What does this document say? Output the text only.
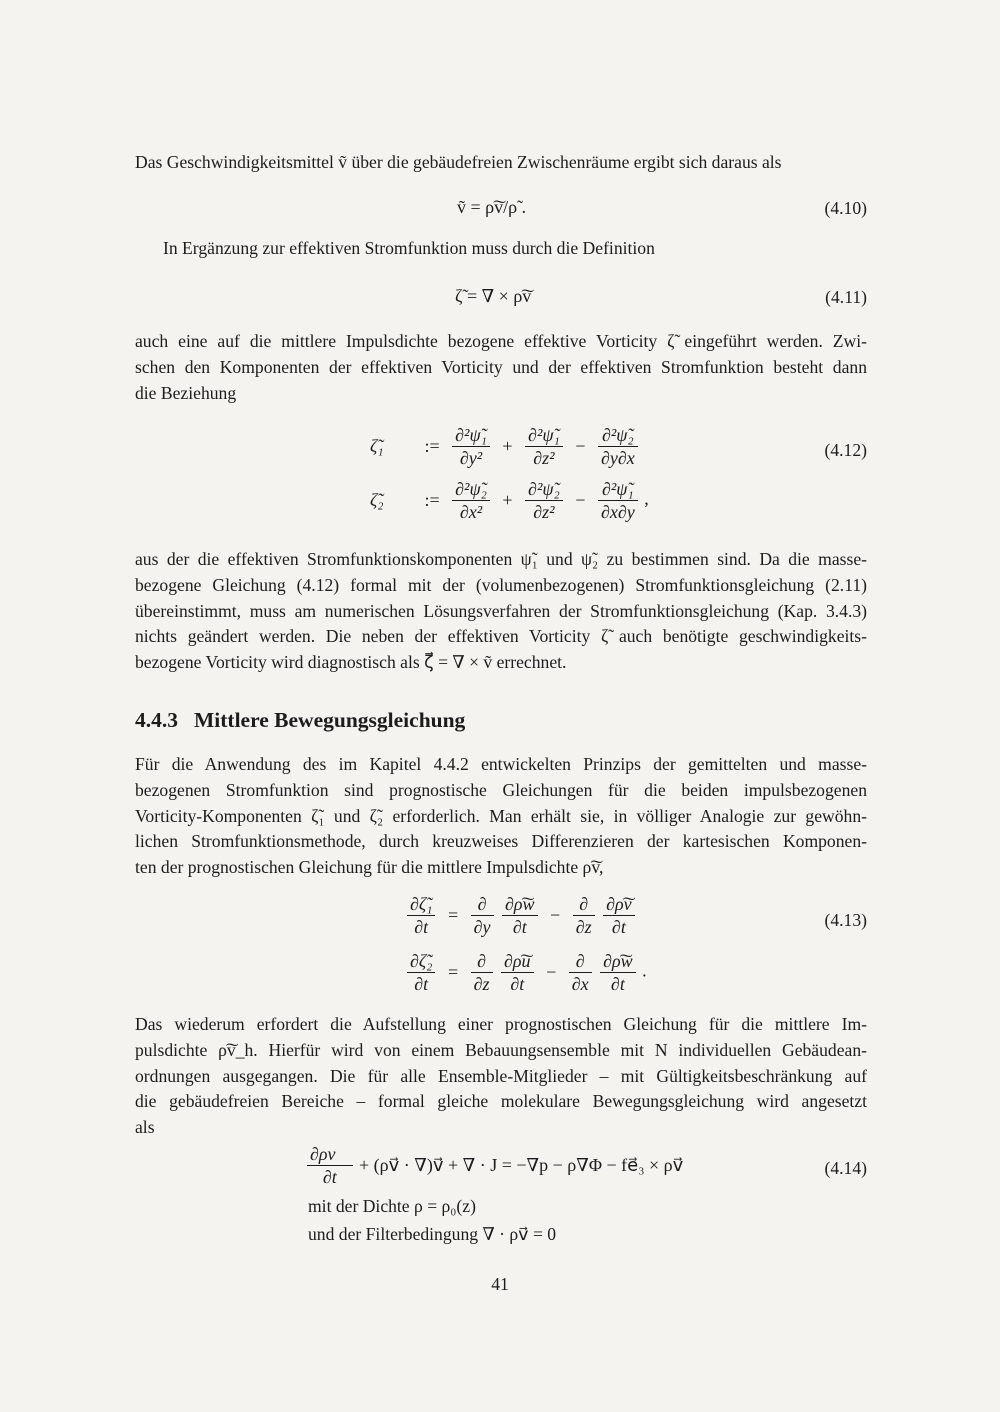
Das Geschwindigkeitsmittel ṽ über die gebäudefreien Zwischenräume ergibt sich daraus als
ṽ = ρ͠v/ρ̃ .	(4.10)
In Ergänzung zur effektiven Stromfunktion muss durch die Definition
ζ̃ = ∇ × ρ͠v	(4.11)
auch eine auf die mittlere Impulsdichte bezogene effektive Vorticity ζ̃ eingeführt werden. Zwi-
schen den Komponenten der effektiven Vorticity und der effektiven Stromfunktion besteht dann
die Beziehung
ζ̃₁ := $\frac{\text{∂²ψ̃₁}}{\text{∂y²}} + \frac{\text{∂²ψ̃₁}}{\text{∂z²}} - \frac{\text{∂²ψ̃₂}}{\partial y\partial x}$	(4.12)
ζ̃₂ := $\frac{\text{∂²ψ̃₂}}{\text{∂x²}} + \frac{\text{∂²ψ̃₂}}{\text{∂z²}} - \frac{\text{∂²ψ̃₁}}{\partial x\partial y}$ ,
aus der die effektiven Stromfunktionskomponenten ψ̃₁ und ψ̃₂ zu bestimmen sind. Da die masse-
bezogene Gleichung (4.12) formal mit der (volumenbezogenen) Stromfunktionsgleichung (2.11)
übereinstimmt, muss am numerischen Lösungsverfahren der Stromfunktionsgleichung (Kap. 3.4.3)
nichts geändert werden. Die neben der effektiven Vorticity ζ̃ auch benötigte geschwindigkeits-
bezogene Vorticity wird diagnostisch als ζ⃗ = ∇ × ṽ errechnet.
4.4.3 Mittlere Bewegungsgleichung
Für die Anwendung des im Kapitel 4.4.2 entwickelten Prinzips der gemittelten und masse-
bezogenen Stromfunktion sind prognostische Gleichungen für die beiden impulsbezogenen
Vorticity-Komponenten ζ̃₁ und ζ̃₂ erforderlich. Man erhält sie, in völliger Analogie zur gewöhn-
lichen Stromfunktionsmethode, durch kreuzweises Differenzieren der kartesischen Komponen-
ten der prognostischen Gleichung für die mittlere Impulsdichte ρ͠v,
$\frac{\text{∂ζ̃₁}}{\partial t} = \frac{\partial}{\partial y}$
$\frac{\partial\rho͠w}{\partial t} - \frac{\partial}{\partial z}$
$\frac{\partial\rho͠v}{\partial t}$	(4.13)
$\frac{\text{∂ζ̃₂}}{\partial t} = \frac{\partial}{\partial z}$
$\frac{\partial\rho͠u}{\partial t} - \frac{\partial}{\partial x}$
$\frac{\partial\rho͠w}{\partial t}$ .
Das wiederum erfordert die Aufstellung einer prognostischen Gleichung für die mittlere Im-
pulsdichte ρ͠v_h. Hierfür wird von einem Bebauungsensemble mit N individuellen Gebäudean-
ordnungen ausgegangen. Die für alle Ensemble-Mitglieder – mit Gültigkeitsbeschränkung auf
die gebäudefreien Bereiche – formal gleiche molekulare Bewegungsgleichung wird angesetzt
als
$\frac{\partial\rho v⃗}{\partial t}$ + (ρv⃗ · ∇)v⃗ + ∇ · J = −∇p − ρ∇Φ − fe⃗₃ × ρv⃗	(4.14)
mit der Dichte ρ = ρ₀(z)
und der Filterbedingung ∇ · ρv⃗ = 0
41
